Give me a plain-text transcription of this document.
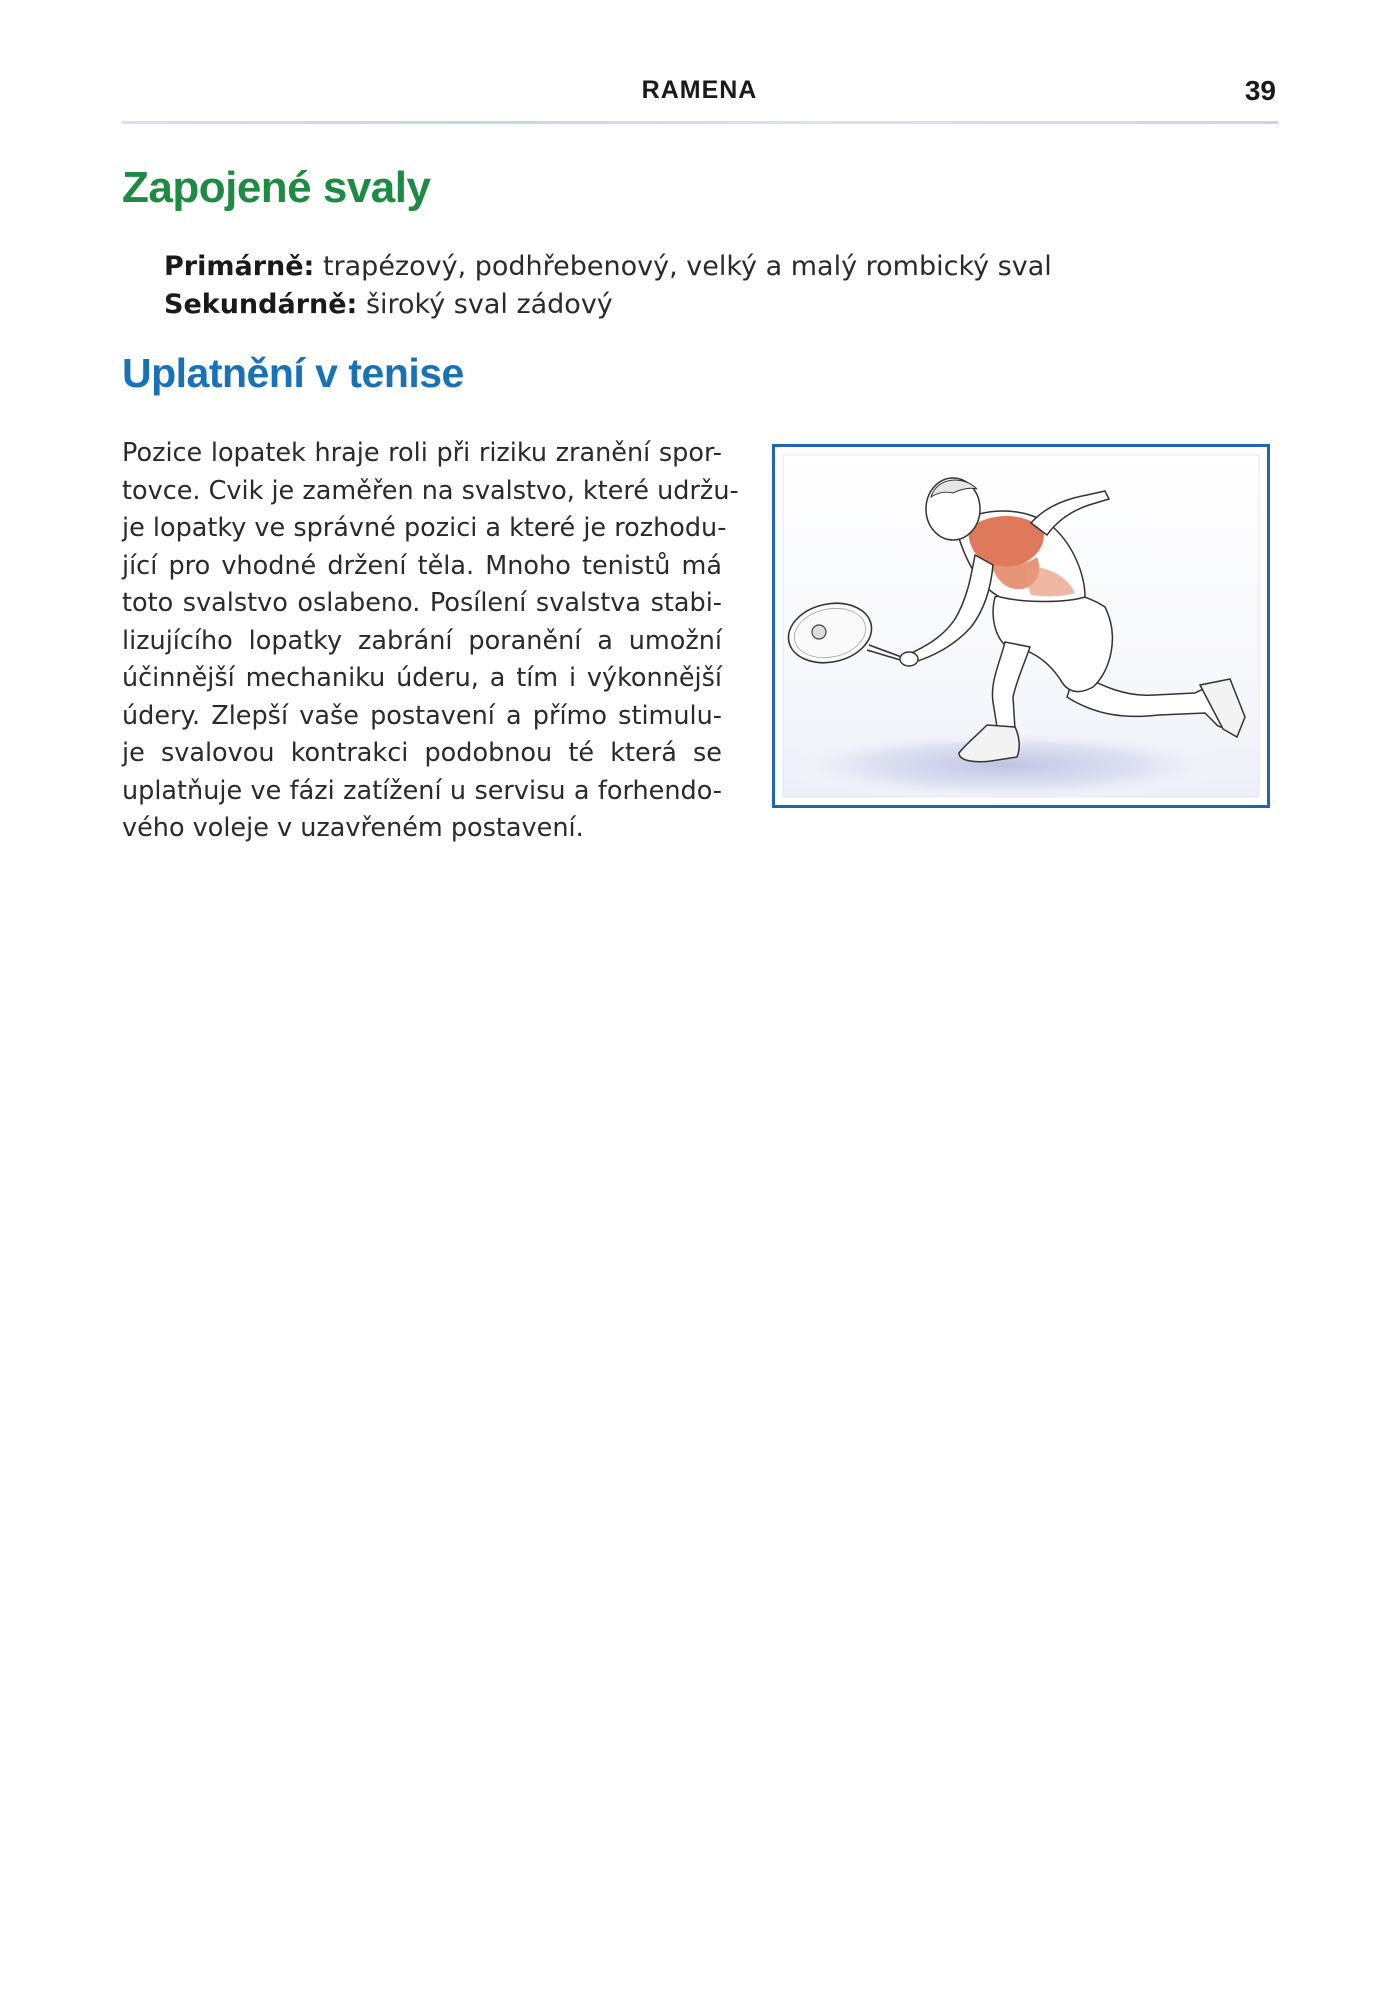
RAMENA	39
Zapojené svaly
Primárně: trapézový, podhřebenový, velký a malý rombický sval
Sekundárně: široký sval zádový
Uplatnění v tenise
Pozice lopatek hraje roli při riziku zranění spor-
tovce. Cvik je zaměřen na svalstvo, které udržu-
je lopatky ve správné pozici a které je rozhodu-
jící pro vhodné držení těla. Mnoho tenistů má
toto svalstvo oslabeno. Posílení svalstva stabi-
lizujícího lopatky zabrání poranění a umožní
účinnější mechaniku úderu, a tím i výkonnější
údery. Zlepší vaše postavení a přímo stimulu-
je svalovou kontrakci podobnou té která se
uplatňuje ve fázi zatížení u servisu a forhendo-
vého voleje v uzavřeném postavení.
